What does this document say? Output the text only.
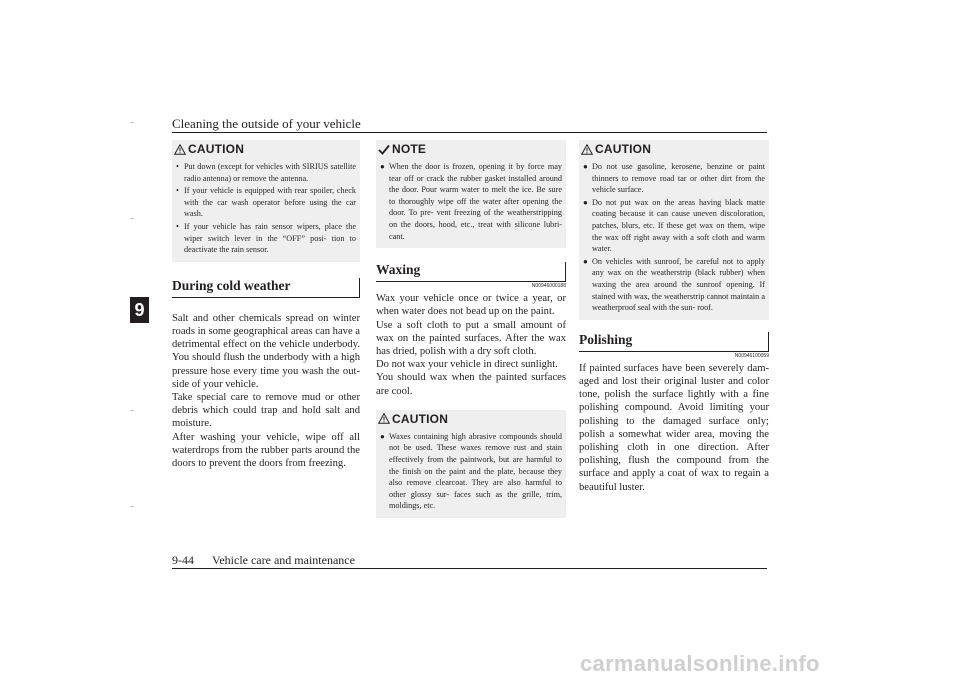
Cleaning the outside of your vehicle
9
CAUTION
• Put down (except for vehicles with SIRIUS satellite radio antenna) or remove the antenna.
• If your vehicle is equipped with rear spoiler, check with the car wash operator before using the car wash.
• If your vehicle has rain sensor wipers, place the wiper switch lever in the “OFF” posi- tion to deactivate the rain sensor.
During cold weather

Salt and other chemicals spread on winter roads in some geographical areas can have a detrimental effect on the vehicle underbody. You should flush the underbody with a high pressure hose every time you wash the out- side of your vehicle.

Take special care to remove mud or other debris which could trap and hold salt and moisture.

After washing your vehicle, wipe off all waterdrops from the rubber parts around the doors to prevent the doors from freezing.

NOTE
● When the door is frozen, opening it by force may tear off or crack the rubber gasket installed around the door. Pour warm water to melt the ice. Be sure to thoroughly wipe off the water after opening the door. To pre- vent freezing of the weatherstripping on the doors, hood, etc., treat with silicone lubri- cant.
Waxing
N00946000188

Wax your vehicle once or twice a year, or when water does not bead up on the paint.

Use a soft cloth to put a small amount of wax on the painted surfaces. After the wax has dried, polish with a dry soft cloth.

Do not wax your vehicle in direct sunlight.

You should wax when the painted surfaces are cool.

CAUTION
● Waxes containing high abrasive compounds should not be used. These waxes remove rust and stain effectively from the paintwork, but are harmful to the finish on the paint and the plate, because they also remove clearcoat. They are also harmful to other glossy sur- faces such as the grille, trim, moldings, etc.
CAUTION
● Do not use gasoline, kerosene, benzine or paint thinners to remove road tar or other dirt from the vehicle surface.
● Do not put wax on the areas having black matte coating because it can cause uneven discoloration, patches, blurs, etc. If these get wax on them, wipe the wax off right away with a soft cloth and warm water.
● On vehicles with sunroof, be careful not to apply any wax on the weatherstrip (black rubber) when waxing the area around the sunroof opening. If stained with wax, the weatherstrip cannot maintain a weatherproof seal with the sun- roof.
Polishing
N00946100059

If painted surfaces have been severely dam- aged and lost their original luster and color tone, polish the surface lightly with a fine polishing compound. Avoid limiting your polishing to the damaged surface only; polish a somewhat wider area, moving the polishing cloth in one direction. After polishing, flush the compound from the surface and apply a coat of wax to regain a beautiful luster.

9-44 Vehicle care and maintenance
carmanualsonline.info
